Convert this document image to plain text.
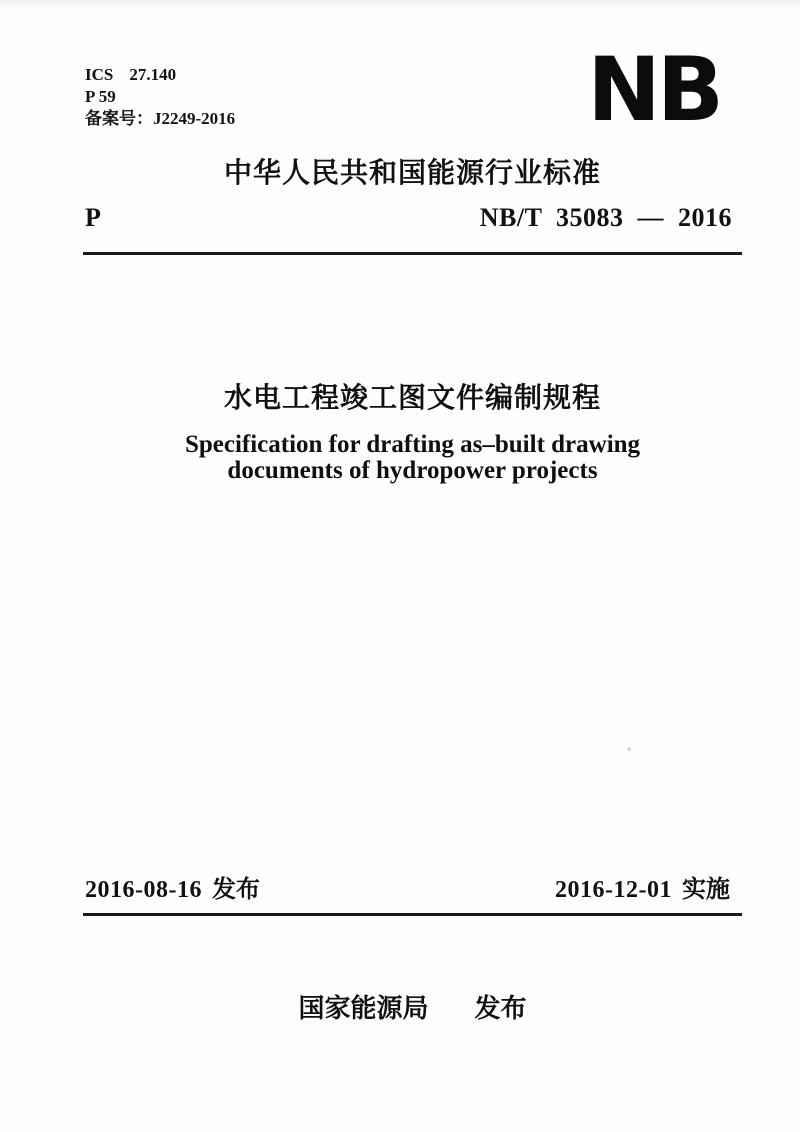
ICS 27.140
P 59
备案号：J2249-2016	NB
中华人民共和国能源行业标准
P	NB/T 35083 — 2016
水电工程竣工图文件编制规程
Specification for drafting as–built drawing
documents of hydropower projects
2016-08-16 发布	2016-12-01 实施
国家能源局 发布
